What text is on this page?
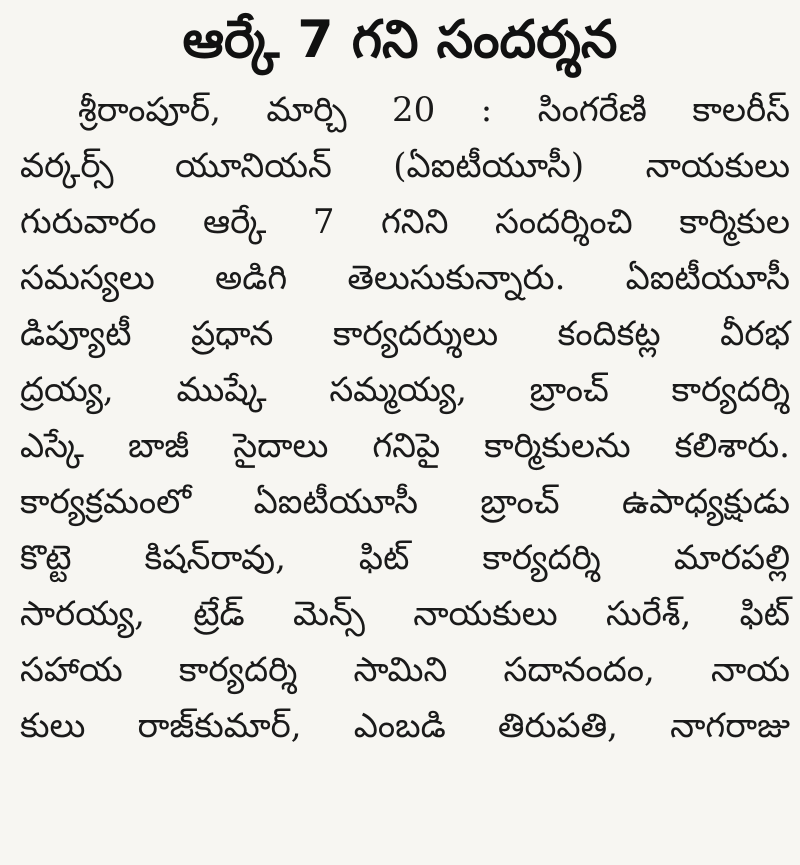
ఆర్కే 7 గని సందర్శన
శ్రీరాంపూర్, మార్చి 20 : సింగరేణి కాలరీస్
వర్కర్స్ యూనియన్ (ఏఐటీయూసీ) నాయకులు
గురువారం ఆర్కే 7 గనిని సందర్శించి కార్మికుల
సమస్యలు అడిగి తెలుసుకున్నారు. ఏఐటీయూసీ
డిప్యూటీ ప్రధాన కార్యదర్శులు కందికట్ల వీరభ
ద్రయ్య, ముష్కే సమ్మయ్య, బ్రాంచ్ కార్యదర్శి
ఎస్కే బాజీ సైదాలు గనిపై కార్మికులను కలిశారు.
కార్యక్రమంలో ఏఐటీయూసీ బ్రాంచ్ ఉపాధ్యక్షుడు
కొట్టె కిషన్‌రావు, ఫిట్ కార్యదర్శి మారపల్లి
సారయ్య, ట్రేడ్ మెన్స్ నాయకులు సురేశ్, ఫిట్
సహాయ కార్యదర్శి సామిని సదానందం, నాయ
కులు రాజ్‌కుమార్, ఎంబడి తిరుపతి, నాగరాజు
